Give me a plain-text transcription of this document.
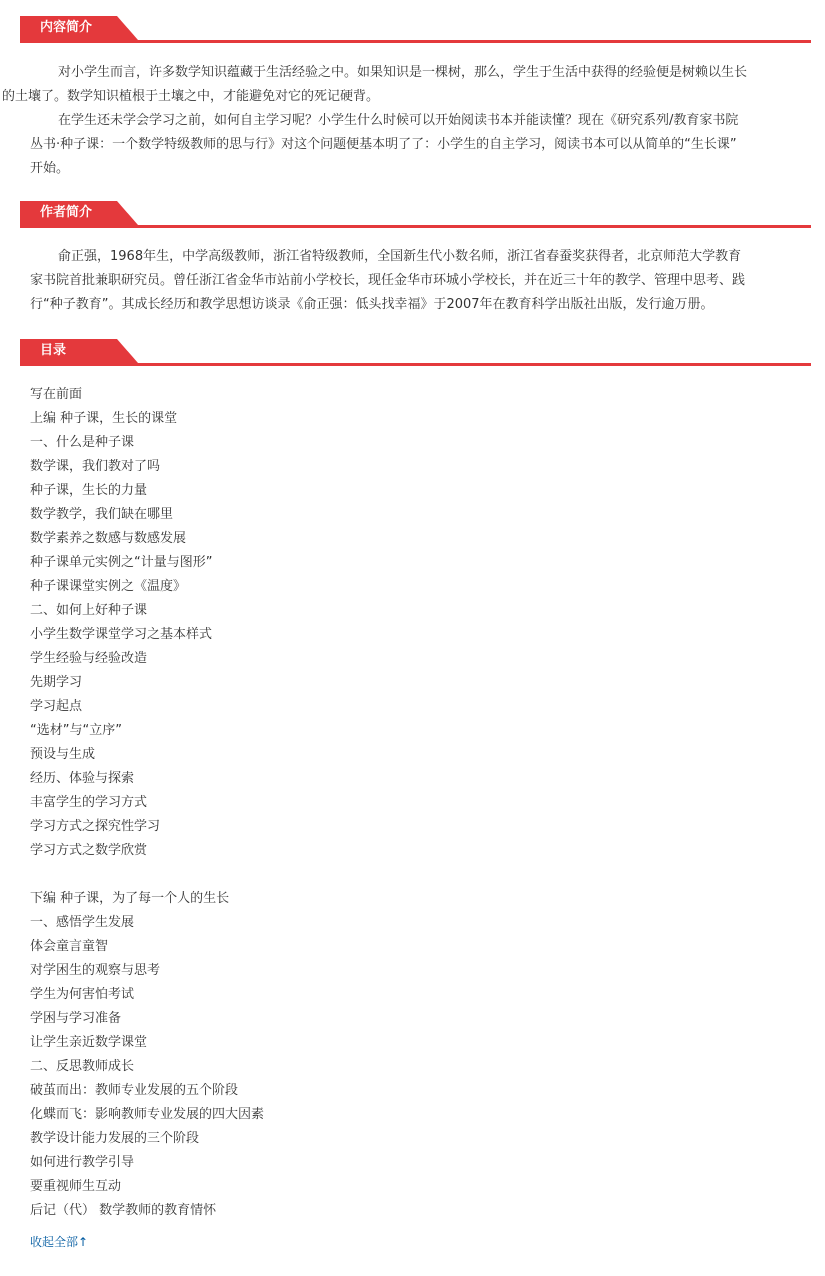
内容简介

对小学生而言，许多数学知识蕴藏于生活经验之中。如果知识是一棵树，那么，学生于生活中获得的经验便是树赖以生长
的土壤了。数学知识植根于土壤之中，才能避免对它的死记硬背。

在学生还未学会学习之前，如何自主学习呢？小学生什么时候可以开始阅读书本并能读懂？现在《研究系列/教育家书院
丛书·种子课：一个数学特级教师的思与行》对这个问题便基本明了了：小学生的自主学习，阅读书本可以从简单的“生长课”
开始。

作者简介

俞正强，1968年生，中学高级教师，浙江省特级教师，全国新生代小数名师，浙江省春蚕奖获得者，北京师范大学教育
家书院首批兼职研究员。曾任浙江省金华市站前小学校长，现任金华市环城小学校长，并在近三十年的教学、管理中思考、践
行“种子教育”。其成长经历和教学思想访谈录《俞正强：低头找幸福》于2007年在教育科学出版社出版，发行逾万册。

目录
写在前面
上编 种子课，生长的课堂
一、什么是种子课
数学课，我们教对了吗
种子课，生长的力量
数学教学，我们缺在哪里
数学素养之数感与数感发展
种子课单元实例之“计量与图形”
种子课课堂实例之《温度》
二、如何上好种子课
小学生数学课堂学习之基本样式
学生经验与经验改造
先期学习
学习起点
“选材”与“立序”
预设与生成
经历、体验与探索
丰富学生的学习方式
学习方式之探究性学习
学习方式之数学欣赏
下编 种子课，为了每一个人的生长
一、感悟学生发展
体会童言童智
对学困生的观察与思考
学生为何害怕考试
学困与学习准备
让学生亲近数学课堂
二、反思教师成长
破茧而出：教师专业发展的五个阶段
化蝶而飞：影响教师专业发展的四大因素
教学设计能力发展的三个阶段
如何进行教学引导
要重视师生互动
后记（代） 数学教师的教育情怀
收起全部↑
